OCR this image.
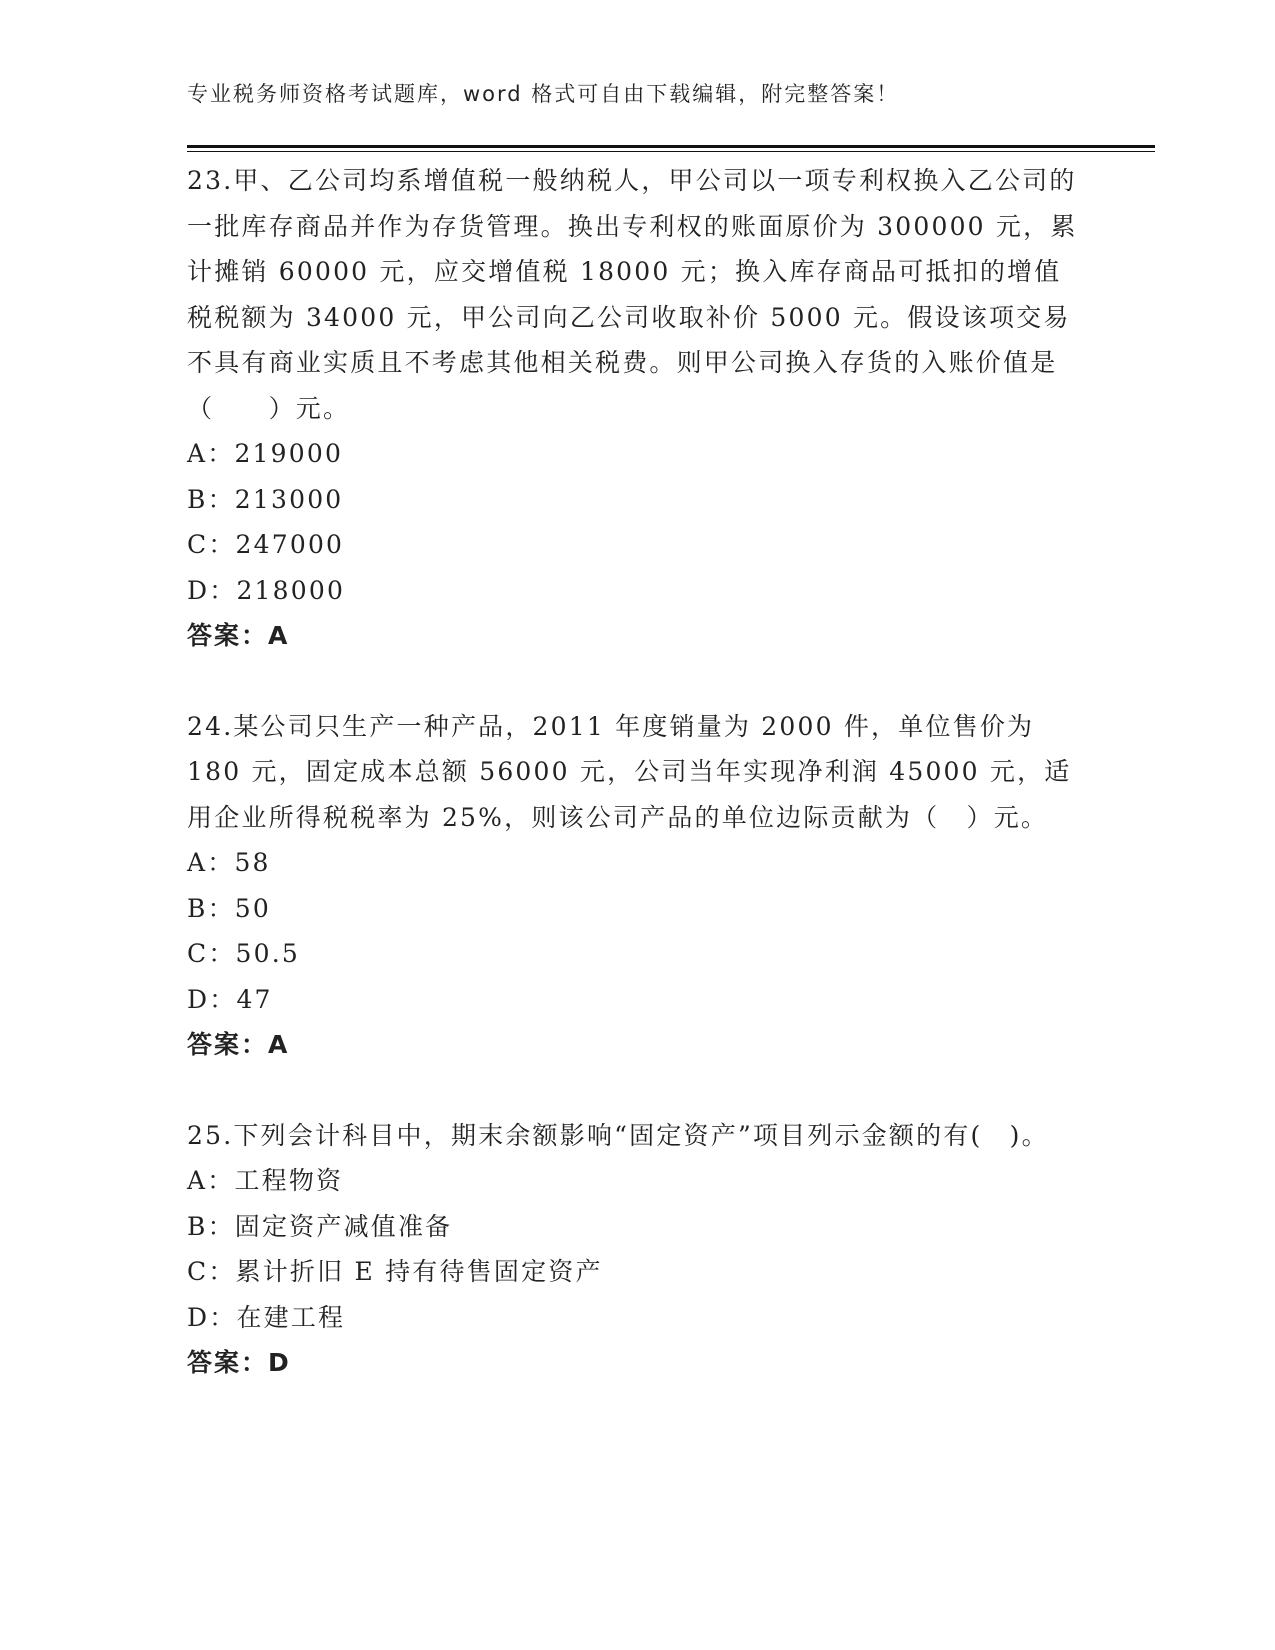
专业税务师资格考试题库，word 格式可自由下载编辑，附完整答案！

23.甲、乙公司均系增值税一般纳税人，甲公司以一项专利权换入乙公司的一批库存商品并作为存货管理。换出专利权的账面原价为 300000 元，累计摊销 60000 元，应交增值税 18000 元；换入库存商品可抵扣的增值税税额为 34000 元，甲公司向乙公司收取补价 5000 元。假设该项交易不具有商业实质且不考虑其他相关税费。则甲公司换入存货的入账价值是（　　）元。

A：219000

B：213000

C：247000

D：218000

答案：A

24.某公司只生产一种产品，2011 年度销量为 2000 件，单位售价为 180 元，固定成本总额 56000 元，公司当年实现净利润 45000 元，适用企业所得税税率为 25%，则该公司产品的单位边际贡献为（　）元。

A：58

B：50

C：50.5

D：47

答案：A

25.下列会计科目中，期末余额影响“固定资产”项目列示金额的有(　)。

A：工程物资

B：固定资产减值准备

C：累计折旧 E 持有待售固定资产

D：在建工程

答案：D
